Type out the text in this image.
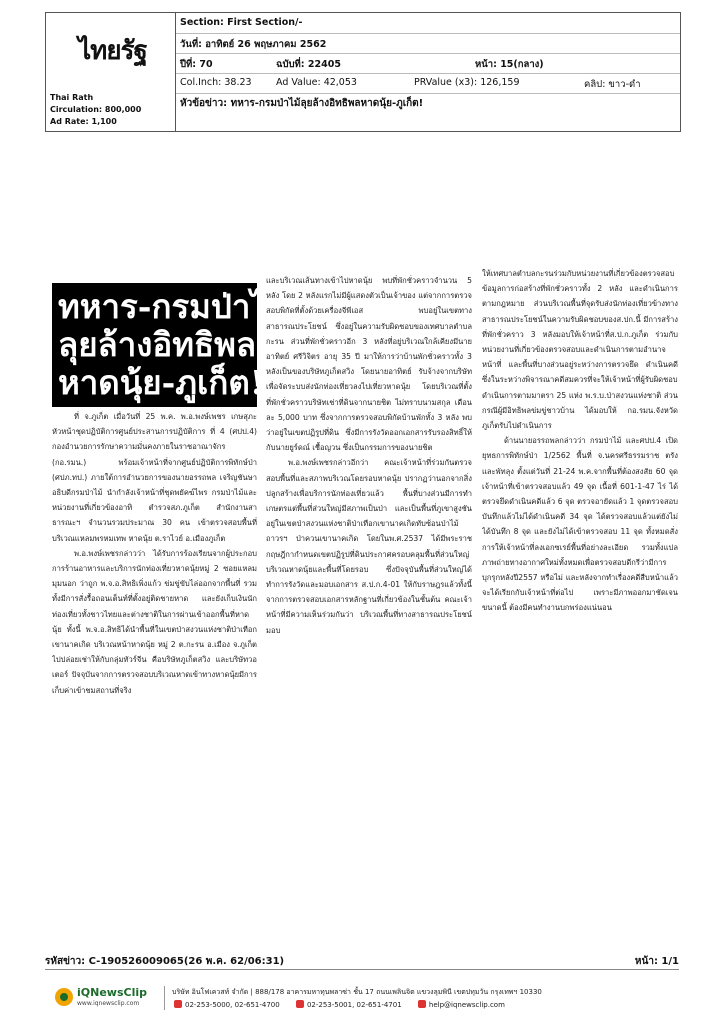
ไทยรัฐ
Thai Rath
Circulation: 800,000
Ad Rate: 1,100
Section: First Section/-
วันที่: อาทิตย์ 26 พฤษภาคม 2562
ปีที่: 70	ฉบับที่: 22405	หน้า: 15(กลาง)
Col.Inch: 38.23	Ad Value: 42,053	PRValue (x3): 126,159	คลิป: ขาว-ดำ
หัวข้อข่าว: ทหาร-กรมป่าไม้ลุยล้างอิทธิพลหาดนุ้ย-ภูเก็ต!
ทหาร-กรมป่าไม้
ลุยล้างอิทธิพล
หาดนุ้ย-ภูเก็ต!

ที่ จ.ภูเก็ต เมื่อวันที่ 25 พ.ค. พ.อ.พงษ์เพชร เกษสุภะ หัวหน้าชุดปฏิบัติการศูนย์ประสานการปฏิบัติการ ที่ 4 (ศปป.4) กองอำนวยการรักษาความมั่นคงภายในราชอาณาจักร (กอ.รมน.) พร้อมเจ้าหน้าที่จากศูนย์ปฏิบัติการพิทักษ์ป่า (ศปภ.ทป.) ภายใต้การอำนวยการของนายอรรถพล เจริญชันษา อธิบดีกรมป่าไม้ นำกำลังเจ้าหน้าที่ชุดพยัคฆ์ไพร กรมป่าไม้และหน่วยงานที่เกี่ยวข้องอาทิ ตำรวจสภ.ภูเก็ต สำนักงานสาธารณะฯ จำนวนรวมประมาณ 30 คน เข้าตรวจสอบพื้นที่บริเวณแหลมพรหมเทพ หาดนุ้ย ต.ราไวย์ อ.เมืองภูเก็ต

พ.อ.พงษ์เพชรกล่าวว่า ได้รับการร้องเรียนจากผู้ประกอบการร้านอาหารและบริการนักท่องเที่ยวหาดนุ้ยหมู่ 2 ซอยแหลมมุมนอก ว่าถูก พ.จ.อ.สิทธิเพิ่งแก้ว ข่มขู่ขับไล่ออกจากพื้นที่ รวมทั้งมีการสั่งรื้อถอนเต็นท์ที่ตั้งอยู่ติดชายหาด และยังเก็บเงินนักท่องเที่ยวทั้งชาวไทยและต่างชาติในการผ่านเข้าออกพื้นที่หาดนุ้ย ทั้งนี้ พ.จ.อ.สิทธิได้นำพื้นที่ในเขตป่าสงวนแห่งชาติป่าเทือกเขานาคเกิด บริเวณหน้าหาดนุ้ย หมู่ 2 ต.กะรน อ.เมือง จ.ภูเก็ต ไปปล่อยเช่าให้กับกลุ่มทัวร์จีน คือบริษัทภูเก็ตสวิง และบริษัทวอเตอร์ ปัจจุบันจากการตรวจสอบบริเวณหาดเข้าทางหาดนุ้ยมีการเก็บค่าเข้าชมสถานที่จริง

และบริเวณเส้นทางเข้าไปหาดนุ้ย พบที่พักชั่วคราวจำนวน 5 หลัง โดย 2 หลังแรกไม่มีผู้แสดงตัวเป็นเจ้าของ แต่จากการตรวจสอบพิกัดที่ตั้งด้วยเครื่องจีพีเอส พบอยู่ในเขตทางสาธารณประโยชน์ ซึ่งอยู่ในความรับผิดชอบของเทศบาลตำบลกะรน ส่วนที่พักชั่วคราวอีก 3 หลังที่อยู่บริเวณใกล้เคียงมีนายอาทิตย์ ศรีวิจิตร อายุ 35 ปี มาให้การว่าบ้านพักชั่วคราวทั้ง 3 หลังเป็นของบริษัทภูเก็ตสวิง โดยนายอาทิตย์ รับจ้างจากบริษัท เพื่อจัดระบบส่งนักท่องเที่ยวลงไปเที่ยวหาดนุ้ย โดยบริเวณที่ตั้งที่พักชั่วคราวบริษัทเช่าที่ดินจากนายชิต ไม่ทราบนามสกุล เดือนละ 5,000 บาท ซึ่งจากการตรวจสอบพิกัดบ้านพักทั้ง 3 หลัง พบว่าอยู่ในเขตปฏิรูปที่ดิน ซึ่งมีการรังวัดออกเอกสารรับรองสิทธิ์ให้กับนายยูร์ดณ์ เชื้อญวน ซึ่งเป็นกรรมการของนายชิต

พ.อ.พงษ์เพชรกล่าวอีกว่า คณะเจ้าหน้าที่ร่วมกันตรวจสอบพื้นที่และสภาพบริเวณโดยรอบหาดนุ้ย ปรากฏว่านอกจากสิ่งปลูกสร้างเพื่อบริการนักท่องเที่ยวแล้ว พื้นที่บางส่วนมีการทำเกษตรแต่พื้นที่ส่วนใหญ่มีสภาพเป็นป่า และเป็นพื้นที่ภูเขาสูงชันอยู่ในเขตป่าสงวนแห่งชาติป่าเทือกเขานาคเกิดทับซ้อนป่าไม้ถาวรฯ ป่าควนเขานาคเกิด โดยในพ.ศ.2537 ได้มีพระราชกฤษฎีกากำหนดเขตปฏิรูปที่ดินประกาศครอบคลุมพื้นที่ส่วนใหญ่บริเวณหาดนุ้ยและพื้นที่โดยรอบ ซึ่งปัจจุบันพื้นที่ส่วนใหญ่ได้ทำการรังวัดและมอบเอกสาร ส.ป.ก.4-01 ให้กับราษฎรแล้วทั้งนี้ จากการตรวจสอบเอกสารหลักฐานที่เกี่ยวข้องในชั้นต้น คณะเจ้าหน้าที่มีความเห็นร่วมกันว่า บริเวณพื้นที่ทางสาธารณประโยชน์ มอบ

ให้เทศบาลตำบลกะรนร่วมกับหน่วยงานที่เกี่ยวข้องตรวจสอบข้อมูลการก่อสร้างที่พักชั่วคราวทั้ง 2 หลัง และดำเนินการตามกฎหมาย ส่วนบริเวณพื้นที่จุดรับส่งนักท่องเที่ยวข้างทางสาธารณประโยชน์ในความรับผิดชอบของส.ปก.นี้ มีการสร้างที่พักชั่วคราว 3 หลังมอบให้เจ้าหน้าที่ส.ป.ก.ภูเก็ต ร่วมกับหน่วยงานที่เกี่ยวข้องตรวจสอบและดำเนินการตามอำนาจหน้าที่ และพื้นที่บางส่วนอยู่ระหว่างการตรวจยึด ดำเนินคดี ซึ่งในระหว่างพิจารณาคดีสมควรที่จะให้เจ้าหน้าที่ผู้รับผิดชอบ ดำเนินการตามมาตรา 25 แห่ง พ.ร.บ.ป่าสงวนแห่งชาติ ส่วนกรณีผู้มีอิทธิพลข่มขู่ชาวบ้าน ได้มอบให้ กอ.รมน.จังหวัดภูเก็ตรับไปดำเนินการ

ด้านนายอรรถพลกล่าวว่า กรมป่าไม้ และศปป.4 เปิดยุทธการพิทักษ์ป่า 1/2562 พื้นที่ จ.นครศรีธรรมราช ตรัง และพัทลุง ตั้งแต่วันที่ 21-24 พ.ค.จากพื้นที่ต้องสงสัย 60 จุด เจ้าหน้าที่เข้าตรวจสอบแล้ว 49 จุด เนื้อที่ 601-1-47 ไร่ ได้ตรวจยึดดำเนินคดีแล้ว 6 จุด ตรวจอายัดแล้ว 1 จุดตรวจสอบบันทึกแล้วไม่ได้ดำเนินคดี 34 จุด ได้ตรวจสอบแล้วแต่ยังไม่ได้บันทึก 8 จุด และยังไม่ได้เข้าตรวจสอบ 11 จุด ทั้งหมดสั่งการให้เจ้าหน้าที่ลงเอกซเรย์พื้นที่อย่างละเอียด รวมทั้งแปลภาพถ่ายทางอากาศใหม่ทั้งหมดเพื่อตรวจสอบดีกรีว่ามีการบุกรุกหลังปี2557 หรือไม่ และหลังจากทำเรื่องคดีสืบหน้าแล้วจะได้เรียกกับเจ้าหน้าที่ต่อไป เพราะมีภาพออกมาชัดเจนขนาดนี้ ต้องมีคนทำงานบกพร่องแน่นอน

รหัสข่าว: C-190526009065(26 พ.ค. 62/06:31)	หน้า: 1/1
iQNewsClip
www.iqnewsclip.com
บริษัท อินโฟเควสท์ จำกัด | 888/178 อาคารมหาทุนพลาซ่า ชั้น 17 ถนนเพลินจิต แขวงลุมพินี เขตปทุมวัน กรุงเทพฯ 10330
02-253-5000, 02-651-4700	02-253-5001, 02-651-4701	help@iqnewsclip.com
